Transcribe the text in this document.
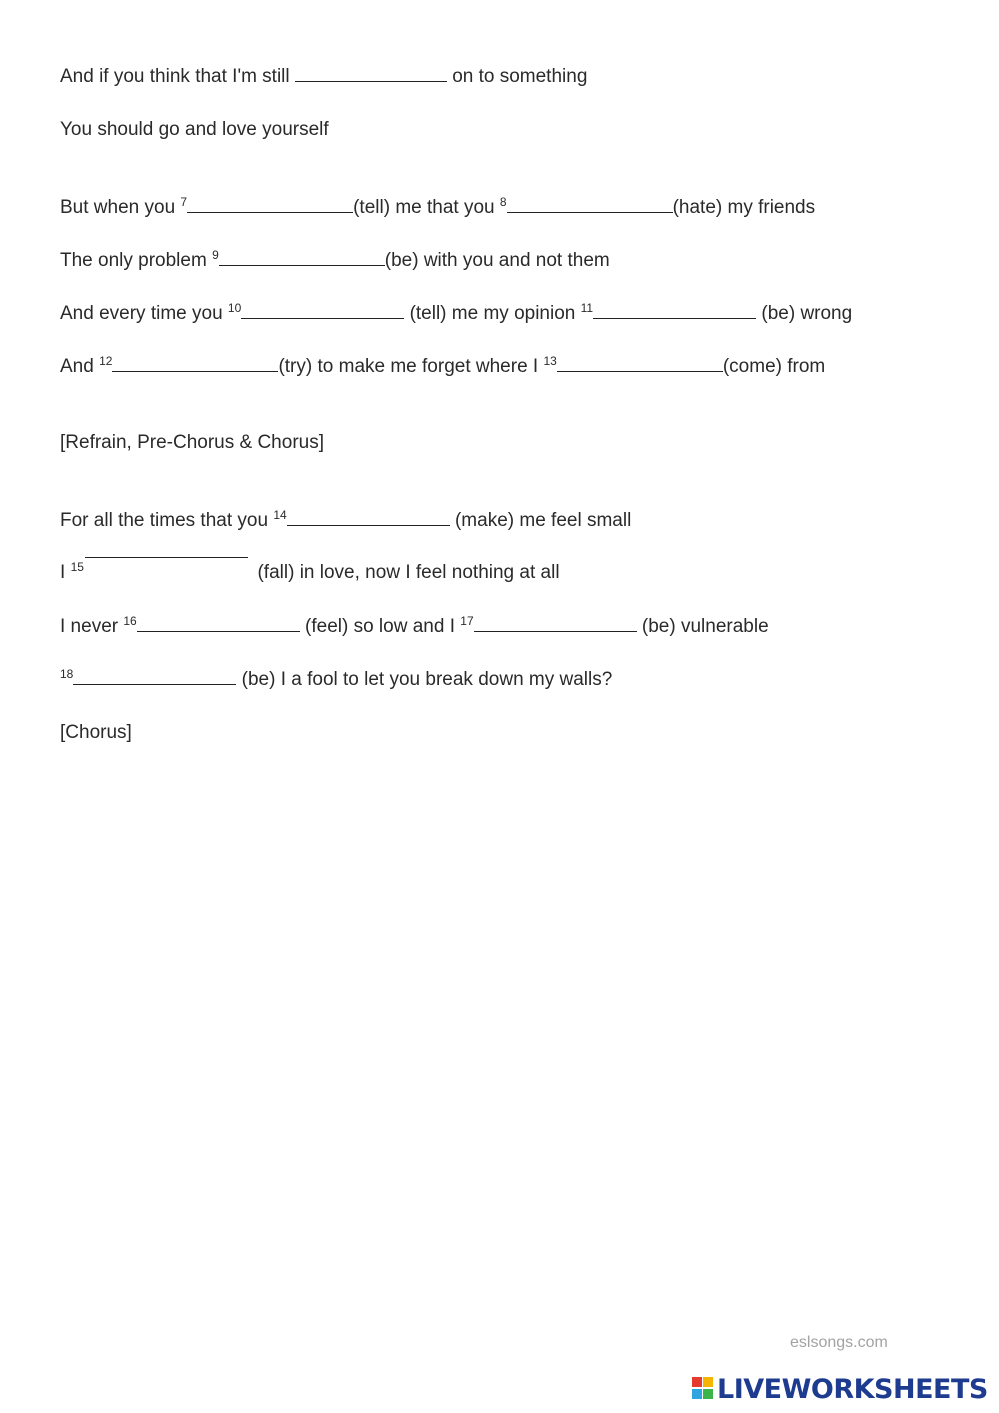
And if you think that I'm still	on to something
You should go and love yourself
But when you $^7$	(tell) me that you $^8$	(hate) my friends
The only problem $^9$	(be) with you and not them
And every time you $^{10}$	(tell) me my opinion $^{11}$	(be) wrong
And $^{12}$	(try) to make me forget where I $^{13}$	(come) from
[Refrain, Pre-Chorus & Chorus]
For all the times that you $^{14}$	(make) me feel small
I $^{15}$	(fall) in love, now I feel nothing at all
I never $^{16}$	(feel) so low and I $^{17}$	(be) vulnerable
$^{18}$	(be) I a fool to let you break down my walls?
[Chorus]
eslsongs.com
LIVEWORKSHEETS
